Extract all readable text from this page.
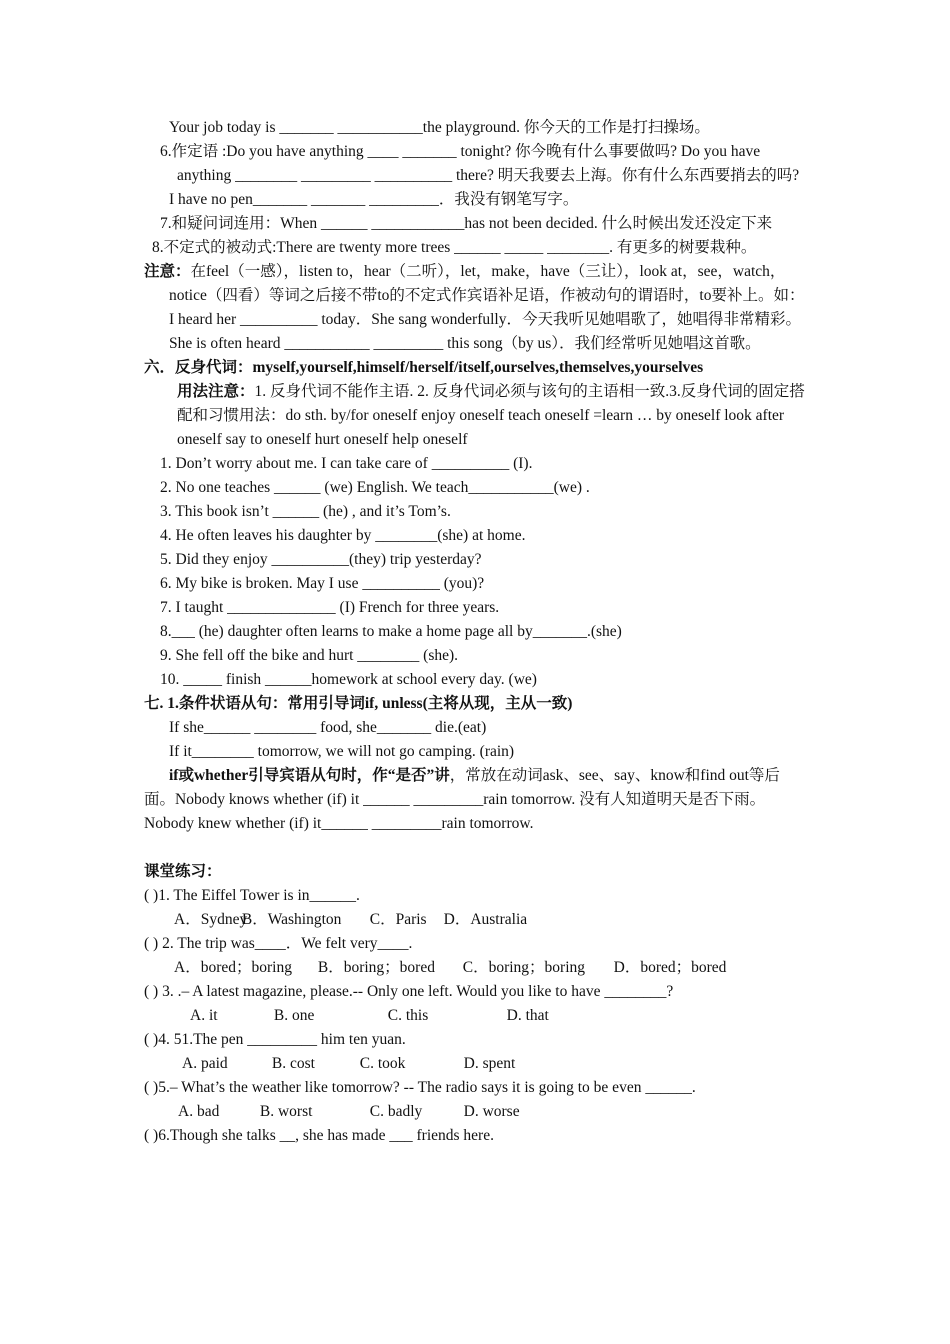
Your job today is _______ ___________the playground. 你今天的工作是打扫操场。
6.作定语 :Do you have anything ____ _______ tonight? 你今晚有什么事要做吗? Do you have anything ________ _________ __________ there? 明天我要去上海。你有什么东西要捎去的吗?
I have no pen_______ _______ _________．我没有钢笔写字。
7.和疑问词连用：When ______ ____________has not been decided. 什么时候出发还没定下来
8.不定式的被动式:There are twenty more trees ______ _____ ________. 有更多的树要栽种。
注意：在feel（一感），listen to，hear（二听），let，make，have（三让），look at，see，watch，notice（四看）等词之后接不带to的不定式作宾语补足语，作被动句的谓语时，to要补上。如：
I heard her __________ today．She sang wonderfully．今天我听见她唱歌了，她唱得非常精彩。
She is often heard ___________ _________ this song（by us）．我们经常听见她唱这首歌。
六．反身代词：myself,yourself,himself/herself/itself,ourselves,themselves,yourselves
用法注意：1. 反身代词不能作主语. 2. 反身代词必须与该句的主语相一致.3.反身代词的固定搭配和习惯用法：do sth. by/for oneself enjoy oneself teach oneself =learn … by oneself look after oneself say to oneself hurt oneself help oneself
1. Don’t worry about me. I can take care of __________ (I).
2. No one teaches ______ (we) English. We teach___________(we) .
3. This book isn’t ______ (he) , and it’s Tom’s.
4. He often leaves his daughter by ________(she) at home.
5. Did they enjoy __________(they) trip yesterday?
6. My bike is broken. May I use __________ (you)?
7. I taught ______________ (I) French for three years.
8.___ (he) daughter often learns to make a home page all by_______.(she)
9. She fell off the bike and hurt ________ (she).
10. _____ finish ______homework at school every day. (we)
七. 1.条件状语从句：常用引导词if, unless(主将从现，主从一致)
If she______ ________ food, she_______ die.(eat)
If it________ tomorrow, we will not go camping. (rain)
if或whether引导宾语从句时，作“是否”讲，常放在动词ask、see、say、know和find out等后面。Nobody knows whether (if) it ______ _________rain tomorrow. 没有人知道明天是否下雨。Nobody knew whether (if) it______ _________rain tomorrow.
课堂练习：
( )1. The Eiffel Tower is in______.
A．Sydney B．Washington C．Paris D．Australia
( ) 2. The trip was____．We felt very____.
A．bored；boring B．boring；bored C．boring；boring D．bored；bored
( ) 3. .– A latest magazine, please.-- Only one left. Would you like to have ________?
A. it	B. one	C. this	D. that
( )4. 51.The pen _________ him ten yuan.
A. paid	B. cost	C. took	D. spent
( )5.– What’s the weather like tomorrow? -- The radio says it is going to be even ______.
A. bad	B. worst	C. badly	D. worse
( )6.Though she talks __, she has made ___ friends here.
